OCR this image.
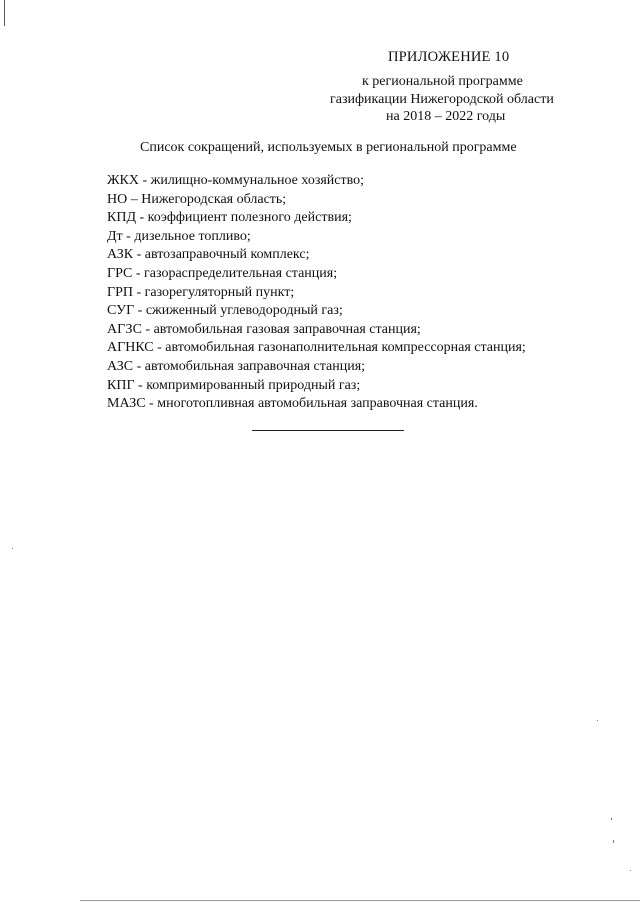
ПРИЛОЖЕНИЕ 10
к региональной программе
газификации Нижегородской области
на 2018 – 2022 годы
Список сокращений, используемых в региональной программе
ЖКХ - жилищно-коммунальное хозяйство;
НО – Нижегородская область;
КПД - коэффициент полезного действия;
Дт - дизельное топливо;
АЗК - автозаправочный комплекс;
ГРС - газораспределительная станция;
ГРП - газорегуляторный пункт;
СУГ - сжиженный углеводородный газ;
АГЗС - автомобильная газовая заправочная станция;
АГНКС - автомобильная газонаполнительная компрессорная станция;
АЗС - автомобильная заправочная станция;
КПГ - компримированный природный газ;
МАЗС - многотопливная автомобильная заправочная станция.
